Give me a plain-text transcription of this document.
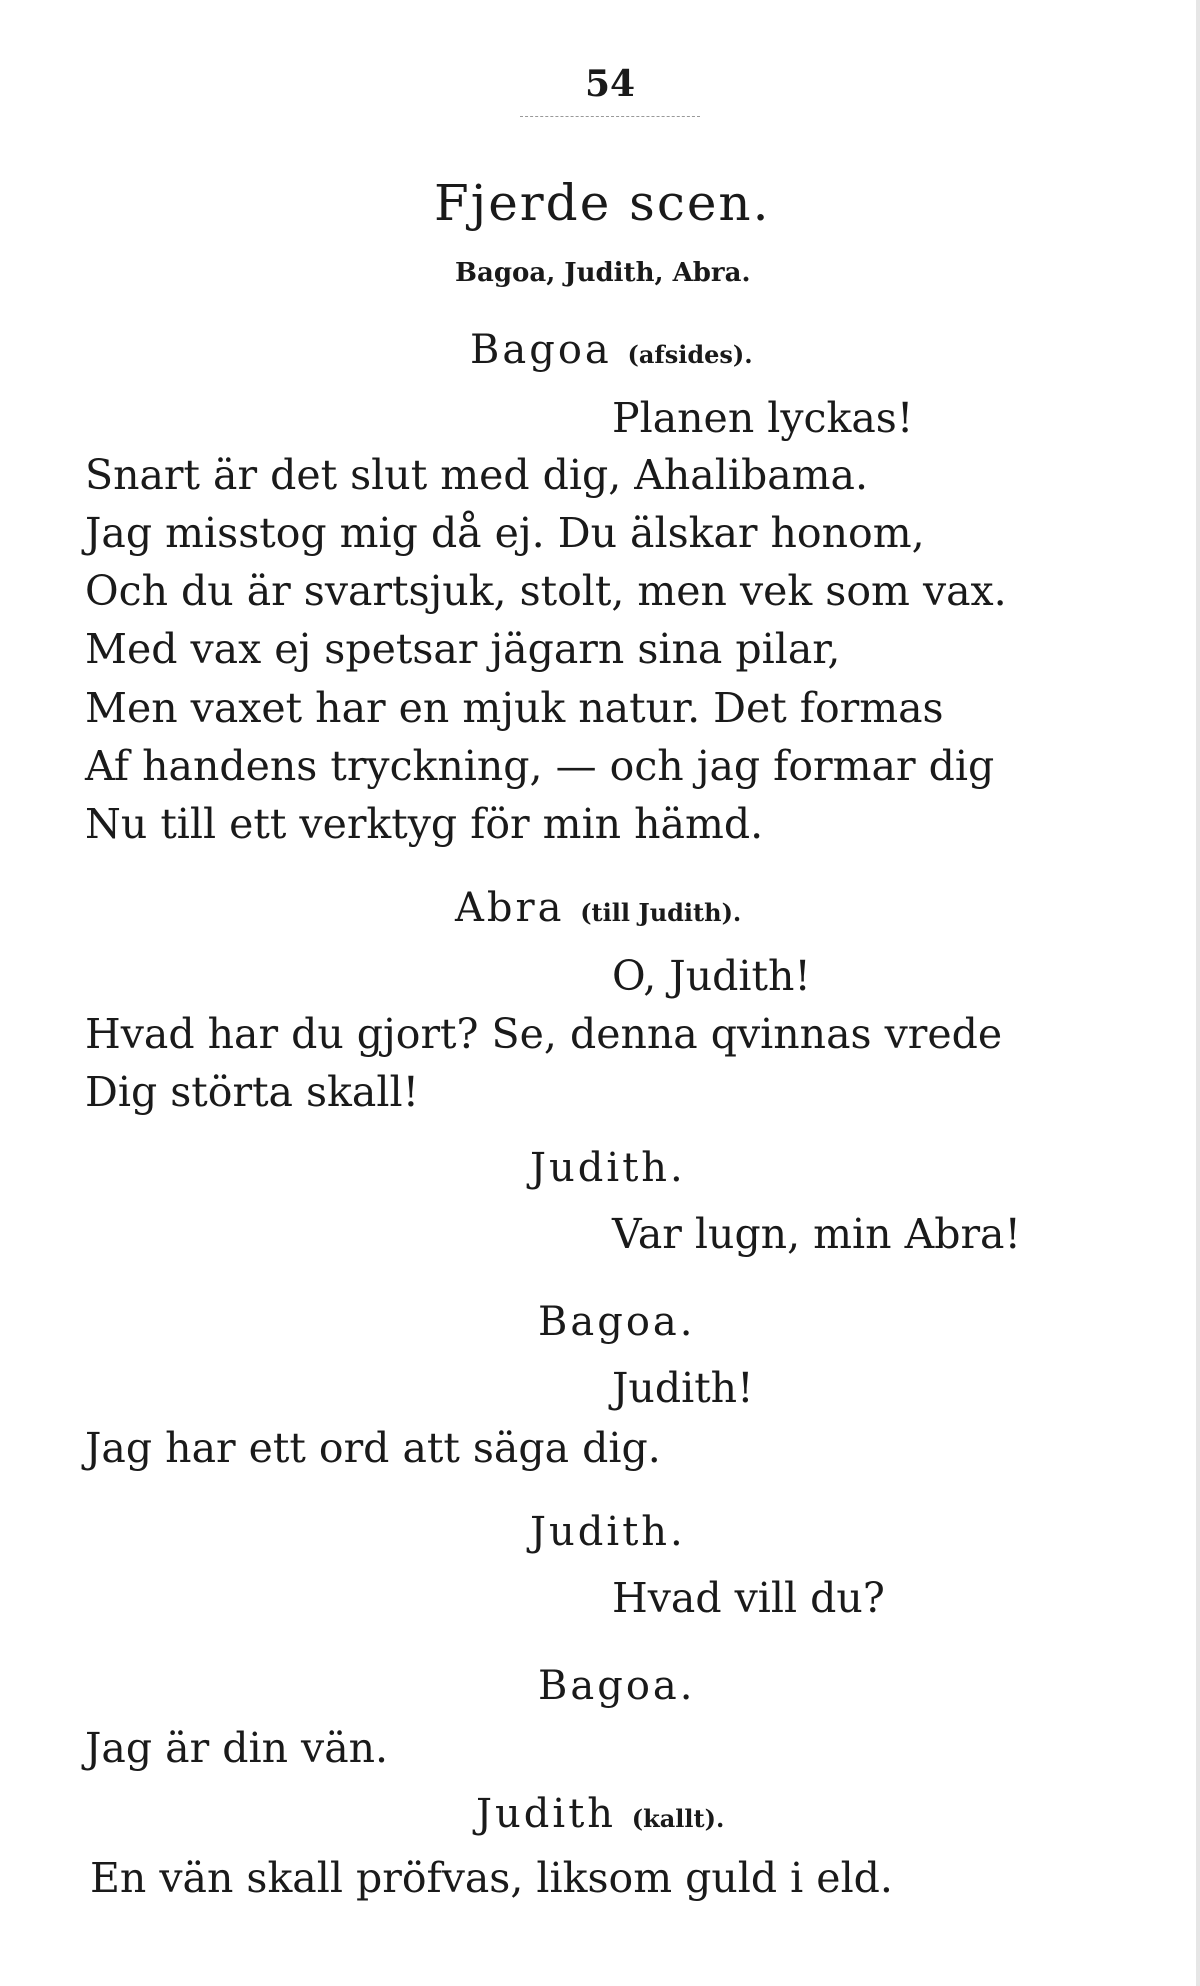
54
Fjerde scen.
Bagoa, Judith, Abra.
Bagoa (afsides).
Planen lyckas!
Snart är det slut med dig, Ahalibama.
Jag misstog mig då ej. Du älskar honom,
Och du är svartsjuk, stolt, men vek som vax.
Med vax ej spetsar jägarn sina pilar,
Men vaxet har en mjuk natur. Det formas
Af handens tryckning, — och jag formar dig
Nu till ett verktyg för min hämd.
Abra (till Judith).
O, Judith!
Hvad har du gjort? Se, denna qvinnas vrede
Dig störta skall!
Judith.
Var lugn, min Abra!
Bagoa.
Judith!
Jag har ett ord att säga dig.
Judith.
Hvad vill du?
Bagoa.
Jag är din vän.
Judith (kallt).
En vän skall pröfvas, liksom guld i eld.
